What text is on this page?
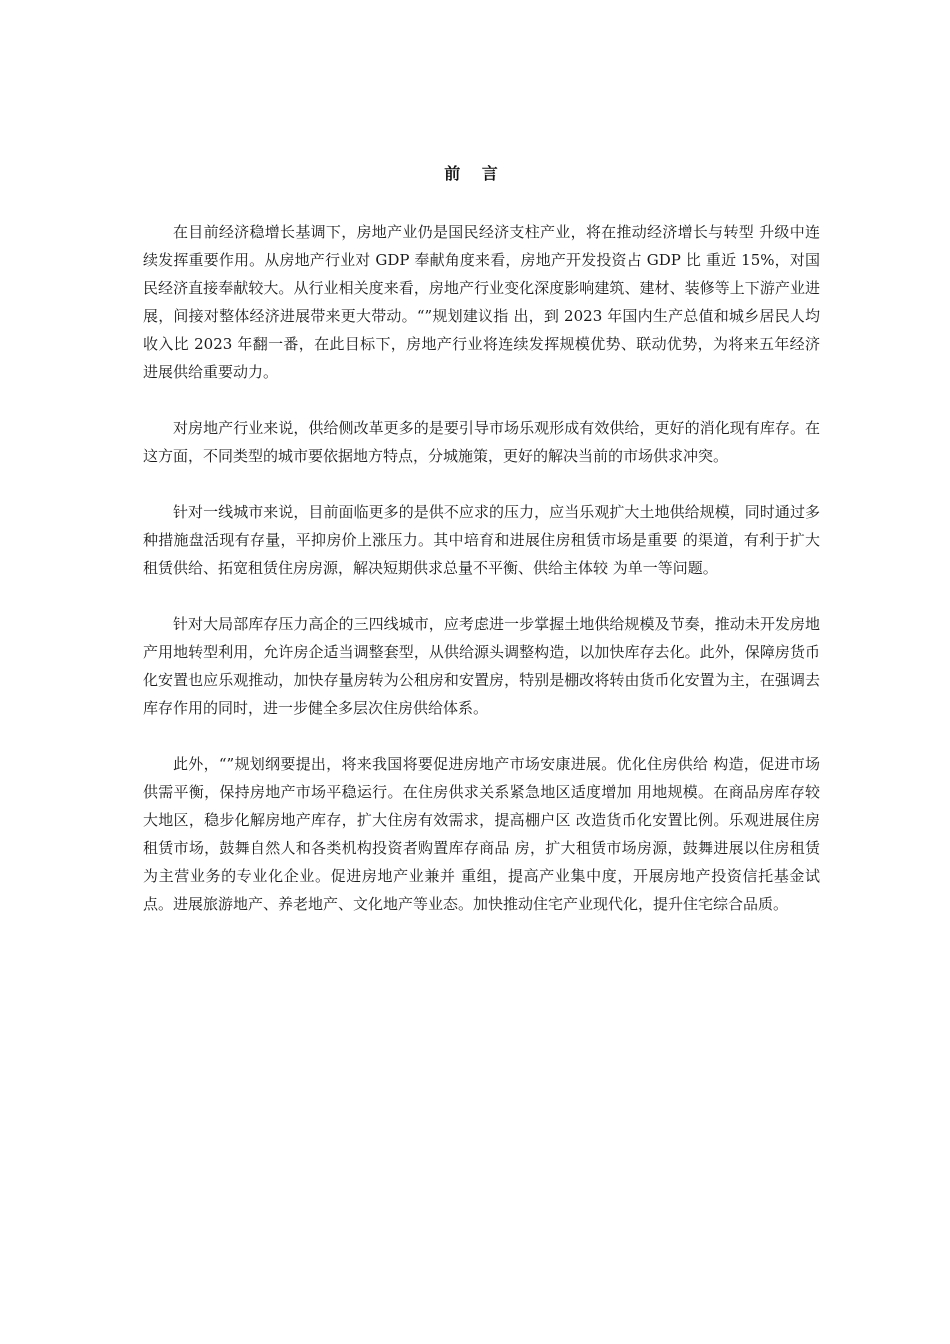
前 言

在目前经济稳增长基调下，房地产业仍是国民经济支柱产业，将在推动经济增长与转型 升级中连续发挥重要作用。从房地产行业对 GDP 奉献角度来看，房地产开发投资占 GDP 比 重近 15%，对国民经济直接奉献较大。从行业相关度来看，房地产行业变化深度影响建筑、建材、装修等上下游产业进展，间接对整体经济进展带来更大带动。“”规划建议指 出，到 2023 年国内生产总值和城乡居民人均收入比 2023 年翻一番，在此目标下，房地产行业将连续发挥规模优势、联动优势，为将来五年经济进展供给重要动力。

对房地产行业来说，供给侧改革更多的是要引导市场乐观形成有效供给，更好的消化现有库存。在这方面，不同类型的城市要依据地方特点，分城施策，更好的解决当前的市场供求冲突。

针对一线城市来说，目前面临更多的是供不应求的压力，应当乐观扩大土地供给规模，同时通过多种措施盘活现有存量，平抑房价上涨压力。其中培育和进展住房租赁市场是重要 的渠道，有利于扩大租赁供给、拓宽租赁住房房源，解决短期供求总量不平衡、供给主体较 为单一等问题。

针对大局部库存压力高企的三四线城市，应考虑进一步掌握土地供给规模及节奏，推动未开发房地产用地转型利用，允许房企适当调整套型，从供给源头调整构造，以加快库存去化。此外，保障房货币化安置也应乐观推动，加快存量房转为公租房和安置房，特别是棚改将转由货币化安置为主，在强调去库存作用的同时，进一步健全多层次住房供给体系。

此外，“”规划纲要提出，将来我国将要促进房地产市场安康进展。优化住房供给 构造，促进市场供需平衡，保持房地产市场平稳运行。在住房供求关系紧急地区适度增加 用地规模。在商品房库存较大地区，稳步化解房地产库存，扩大住房有效需求，提高棚户区 改造货币化安置比例。乐观进展住房租赁市场，鼓舞自然人和各类机构投资者购置库存商品 房，扩大租赁市场房源，鼓舞进展以住房租赁为主营业务的专业化企业。促进房地产业兼并 重组，提高产业集中度，开展房地产投资信托基金试点。进展旅游地产、养老地产、文化地产等业态。加快推动住宅产业现代化，提升住宅综合品质。
